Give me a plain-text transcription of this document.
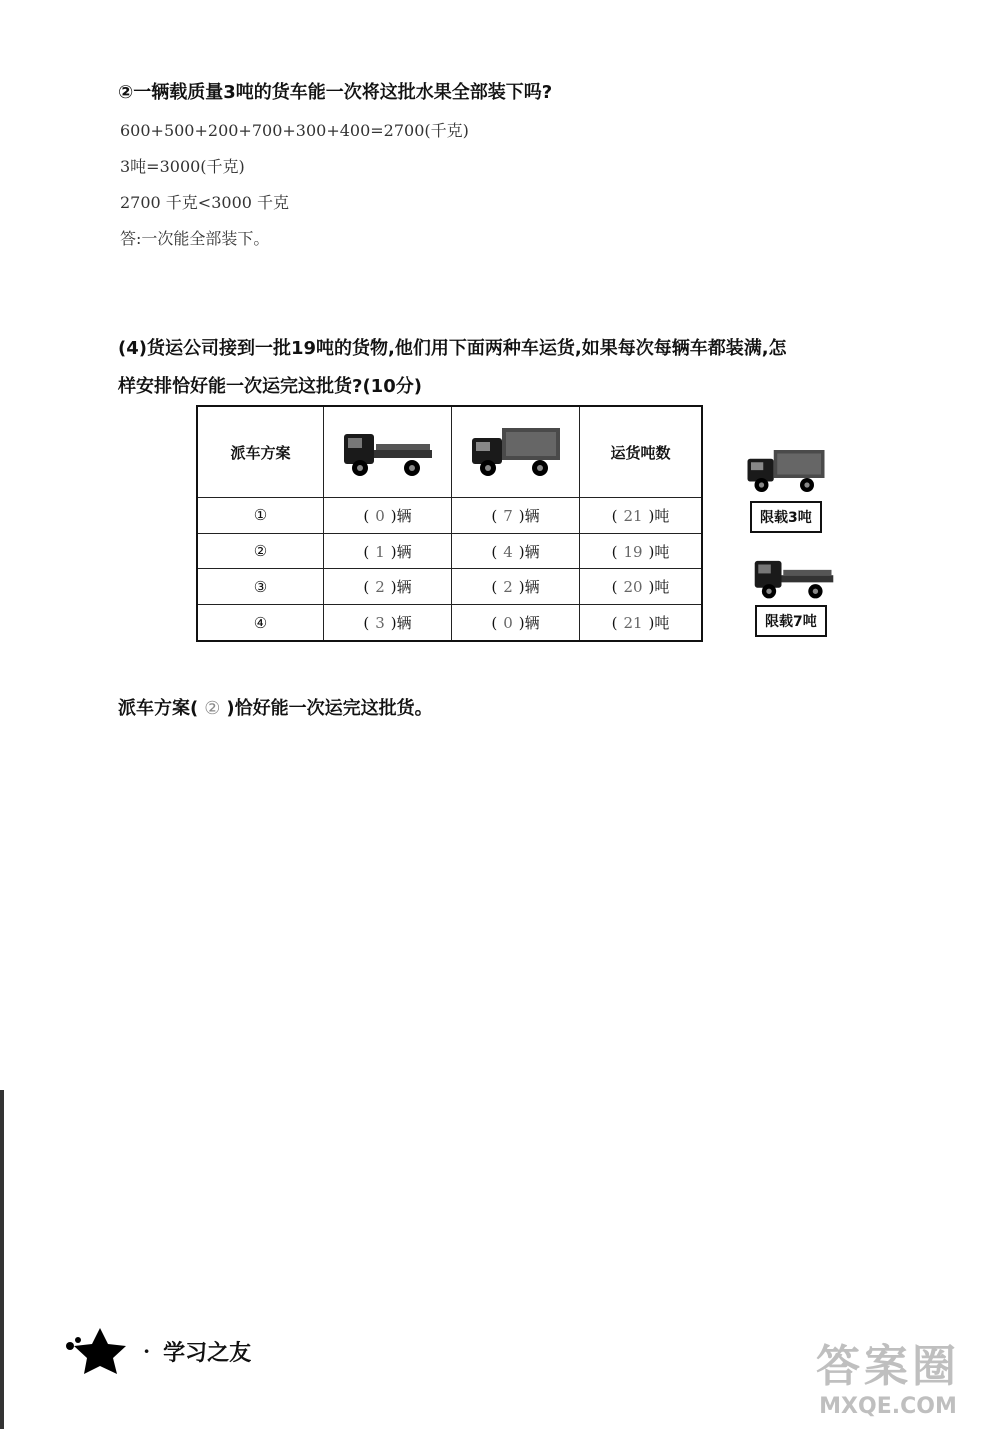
②一辆载质量3吨的货车能一次将这批水果全部装下吗?
600+500+200+700+300+400=2700(千克)
3吨=3000(千克)
2700 千克<3000 千克
答:一次能全部装下。
(4)货运公司接到一批19吨的货物,他们用下面两种车运货,如果每次每辆车都装满,怎
样安排恰好能一次运完这批货?(10分)
派车方案			运货吨数
①	( 0 )辆	( 7 )辆	( 21 )吨
②	( 1 )辆	( 4 )辆	( 19 )吨
③	( 2 )辆	( 2 )辆	( 20 )吨
④	( 3 )辆	( 0 )辆	( 21 )吨
限载3吨
限载7吨
派车方案( ② )恰好能一次运完这批货。
· 学习之友	答案圈
MXQE.COM
